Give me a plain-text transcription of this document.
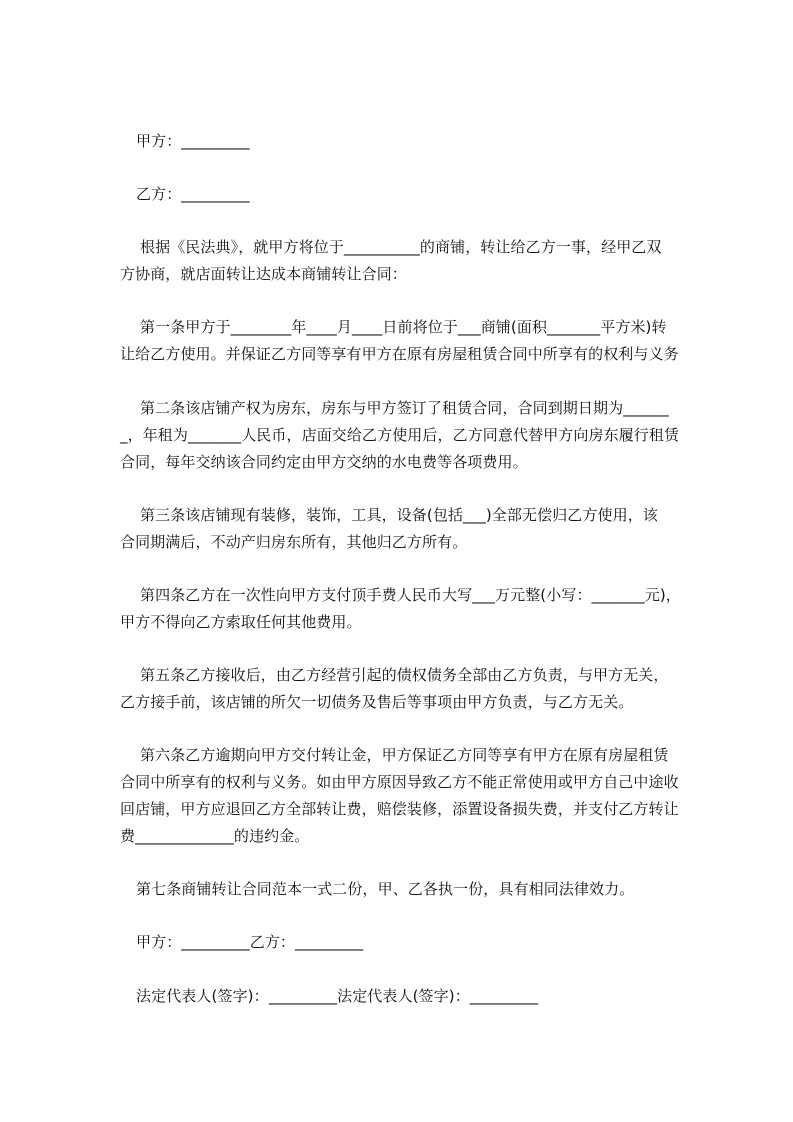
甲方：_________
乙方：_________
根据《民法典》，就甲方将位于__________的商铺，转让给乙方一事，经甲乙双
方协商，就店面转让达成本商铺转让合同：
第一条甲方于________年____月____日前将位于___商铺(面积_______平方米)转
让给乙方使用。并保证乙方同等享有甲方在原有房屋租赁合同中所享有的权利与义务
第二条该店铺产权为房东，房东与甲方签订了租赁合同，合同到期日期为______
_，年租为_______人民币，店面交给乙方使用后，乙方同意代替甲方向房东履行租赁
合同，每年交纳该合同约定由甲方交纳的水电费等各项费用。
第三条该店铺现有装修，装饰，工具，设备(包括___)全部无偿归乙方使用，该
合同期满后，不动产归房东所有，其他归乙方所有。
第四条乙方在一次性向甲方支付顶手费人民币大写___万元整(小写：_______元)，
甲方不得向乙方索取任何其他费用。
第五条乙方接收后，由乙方经营引起的债权债务全部由乙方负责，与甲方无关，
乙方接手前，该店铺的所欠一切债务及售后等事项由甲方负责，与乙方无关。
第六条乙方逾期向甲方交付转让金，甲方保证乙方同等享有甲方在原有房屋租赁
合同中所享有的权利与义务。如由甲方原因导致乙方不能正常使用或甲方自己中途收
回店铺，甲方应退回乙方全部转让费，赔偿装修，添置设备损失费，并支付乙方转让
费_____________的违约金。
第七条商铺转让合同范本一式二份，甲、乙各执一份，具有相同法律效力。
甲方：_________乙方：_________
法定代表人(签字)：_________法定代表人(签字)：_________
